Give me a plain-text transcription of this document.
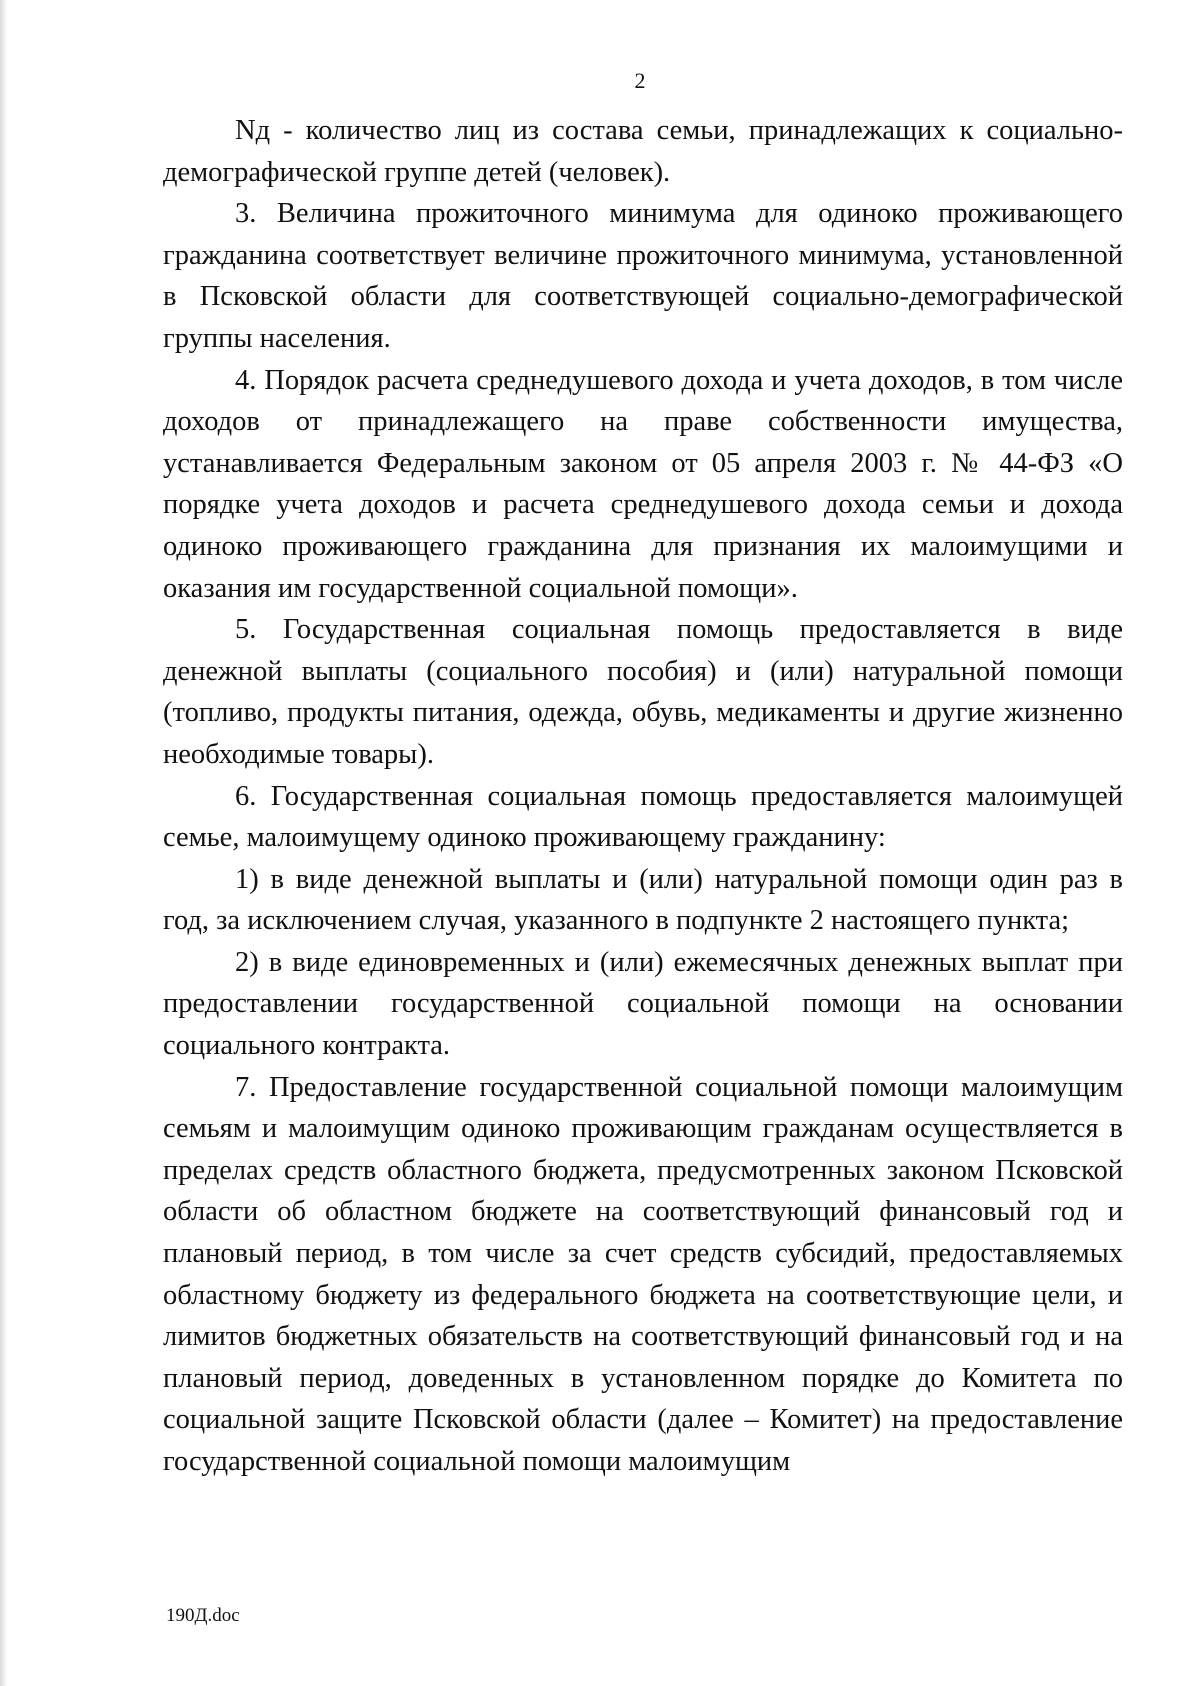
2

Nд - количество лиц из состава семьи, принадлежащих к социально-демографической группе детей (человек).

3. Величина прожиточного минимума для одиноко проживающего гражданина соответствует величине прожиточного минимума, установленной в Псковской области для соответствующей социально-демографической группы населения.

4. Порядок расчета среднедушевого дохода и учета доходов, в том числе доходов от принадлежащего на праве собственности имущества, устанавливается Федеральным законом от 05 апреля 2003 г. № 44-ФЗ «О порядке учета доходов и расчета среднедушевого дохода семьи и дохода одиноко проживающего гражданина для признания их малоимущими и оказания им государственной социальной помощи».

5. Государственная социальная помощь предоставляется в виде денежной выплаты (социального пособия) и (или) натуральной помощи (топливо, продукты питания, одежда, обувь, медикаменты и другие жизненно необходимые товары).

6. Государственная социальная помощь предоставляется малоимущей семье, малоимущему одиноко проживающему гражданину:

1) в виде денежной выплаты и (или) натуральной помощи один раз в год, за исключением случая, указанного в подпункте 2 настоящего пункта;

2) в виде единовременных и (или) ежемесячных денежных выплат при предоставлении государственной социальной помощи на основании социального контракта.

7. Предоставление государственной социальной помощи малоимущим семьям и малоимущим одиноко проживающим гражданам осуществляется в пределах средств областного бюджета, предусмотренных законом Псковской области об областном бюджете на соответствующий финансовый год и плановый период, в том числе за счет средств субсидий, предоставляемых областному бюджету из федерального бюджета на соответствующие цели, и лимитов бюджетных обязательств на соответствующий финансовый год и на плановый период, доведенных в установленном порядке до Комитета по социальной защите Псковской области (далее – Комитет) на предоставление государственной социальной помощи малоимущим

190Д.doc
